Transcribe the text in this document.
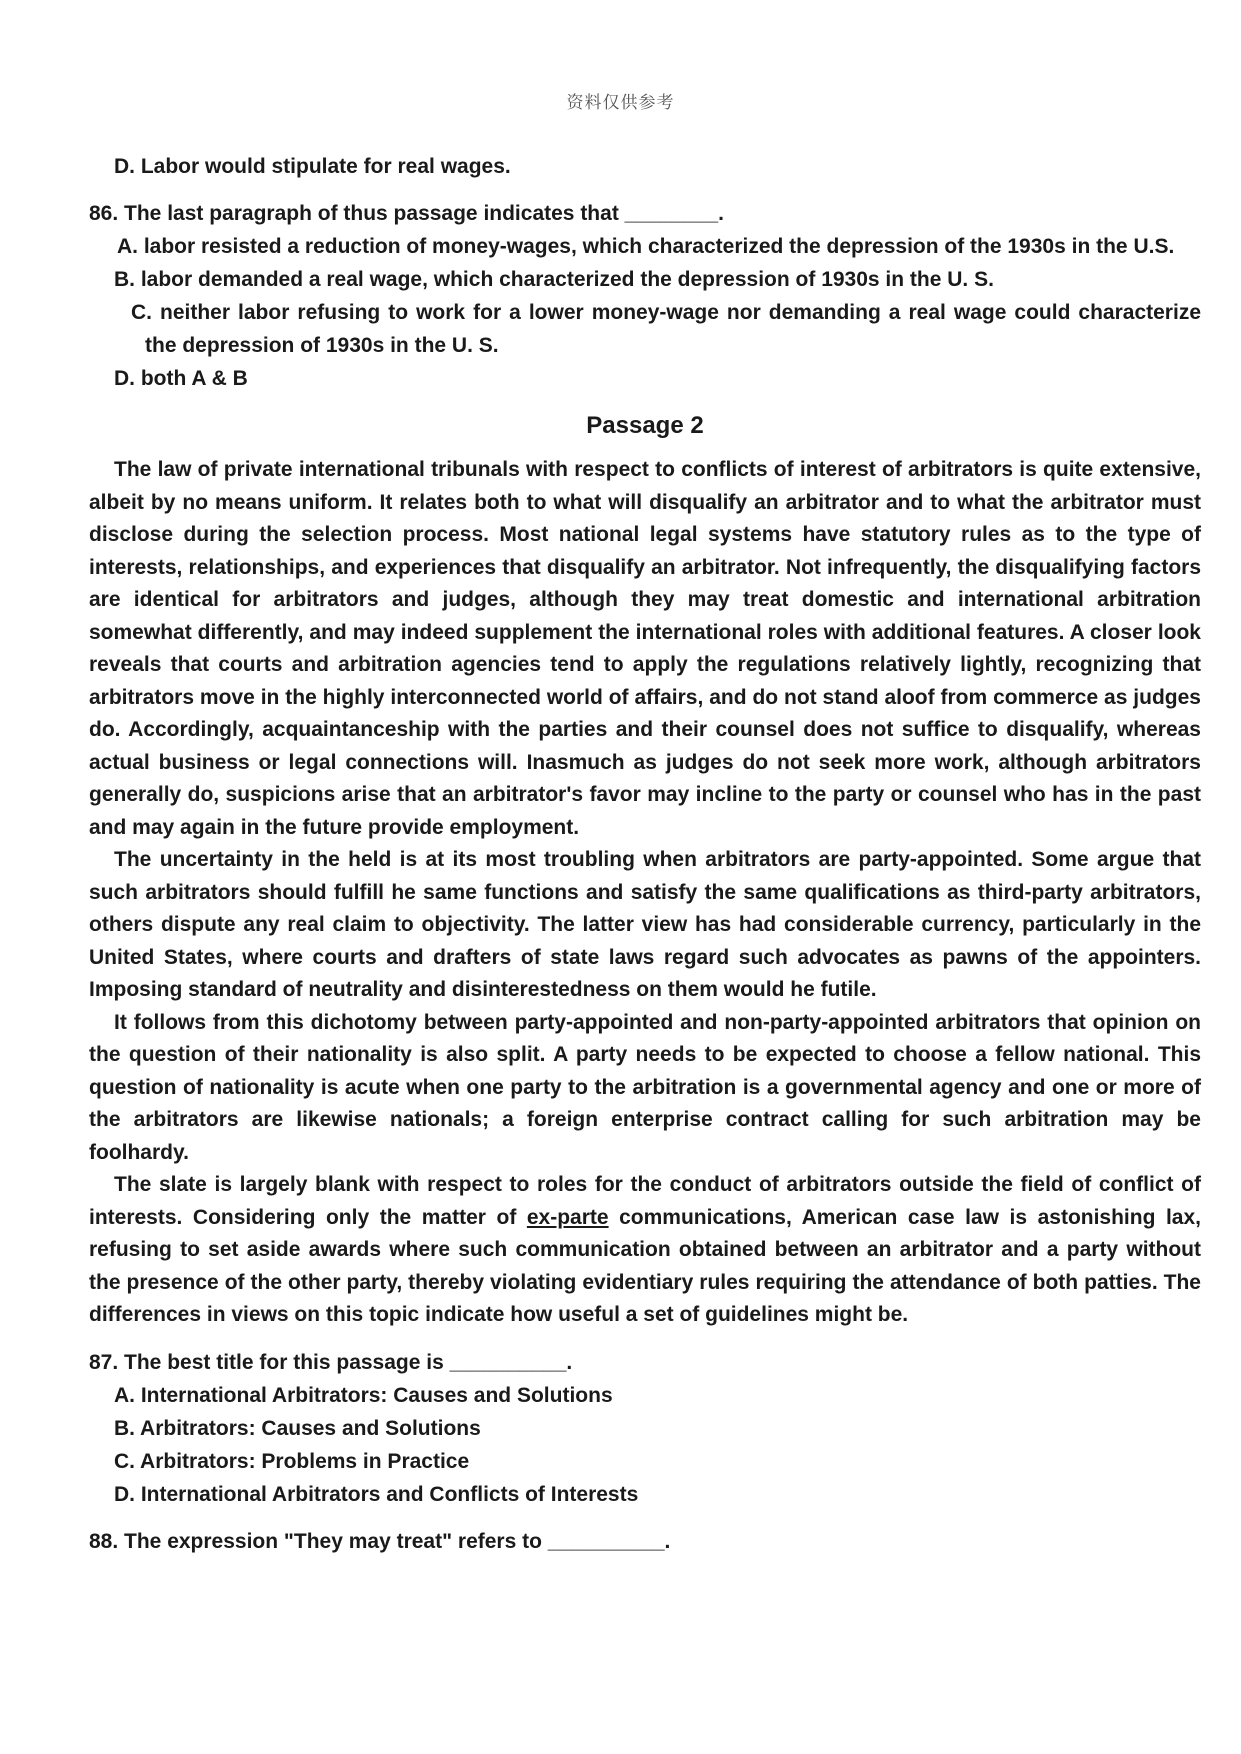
资料仅供参考
D. Labor would stipulate for real wages.
86. The last paragraph of thus passage indicates that ________.
A. labor resisted a reduction of money-wages, which characterized the depression of the 1930s in the U.S.
B. labor demanded a real wage, which characterized the depression of 1930s in the U. S.
C. neither labor refusing to work for a lower money-wage nor demanding a real wage could characterize the depression of 1930s in the U. S.
D. both A & B
Passage 2
The law of private international tribunals with respect to conflicts of interest of arbitrators is quite extensive, albeit by no means uniform. It relates both to what will disqualify an arbitrator and to what the arbitrator must disclose during the selection process. Most national legal systems have statutory rules as to the type of interests, relationships, and experiences that disqualify an arbitrator. Not infrequently, the disqualifying factors are identical for arbitrators and judges, although they may treat domestic and international arbitration somewhat differently, and may indeed supplement the international roles with additional features. A closer look reveals that courts and arbitration agencies tend to apply the regulations relatively lightly, recognizing that arbitrators move in the highly interconnected world of affairs, and do not stand aloof from commerce as judges do. Accordingly, acquaintanceship with the parties and their counsel does not suffice to disqualify, whereas actual business or legal connections will. Inasmuch as judges do not seek more work, although arbitrators generally do, suspicions arise that an arbitrator's favor may incline to the party or counsel who has in the past and may again in the future provide employment.
The uncertainty in the held is at its most troubling when arbitrators are party-appointed. Some argue that such arbitrators should fulfill he same functions and satisfy the same qualifications as third-party arbitrators, others dispute any real claim to objectivity. The latter view has had considerable currency, particularly in the United States, where courts and drafters of state laws regard such advocates as pawns of the appointers. Imposing standard of neutrality and disinterestedness on them would he futile.
It follows from this dichotomy between party-appointed and non-party-appointed arbitrators that opinion on the question of their nationality is also split. A party needs to be expected to choose a fellow national. This question of nationality is acute when one party to the arbitration is a governmental agency and one or more of the arbitrators are likewise nationals; a foreign enterprise contract calling for such arbitration may be foolhardy.
The slate is largely blank with respect to roles for the conduct of arbitrators outside the field of conflict of interests. Considering only the matter of ex-parte communications, American case law is astonishing lax, refusing to set aside awards where such communication obtained between an arbitrator and a party without the presence of the other party, thereby violating evidentiary rules requiring the attendance of both patties. The differences in views on this topic indicate how useful a set of guidelines might be.
87. The best title for this passage is __________.
A. International Arbitrators: Causes and Solutions
B. Arbitrators: Causes and Solutions
C. Arbitrators: Problems in Practice
D. International Arbitrators and Conflicts of Interests
88. The expression "They may treat" refers to __________.
